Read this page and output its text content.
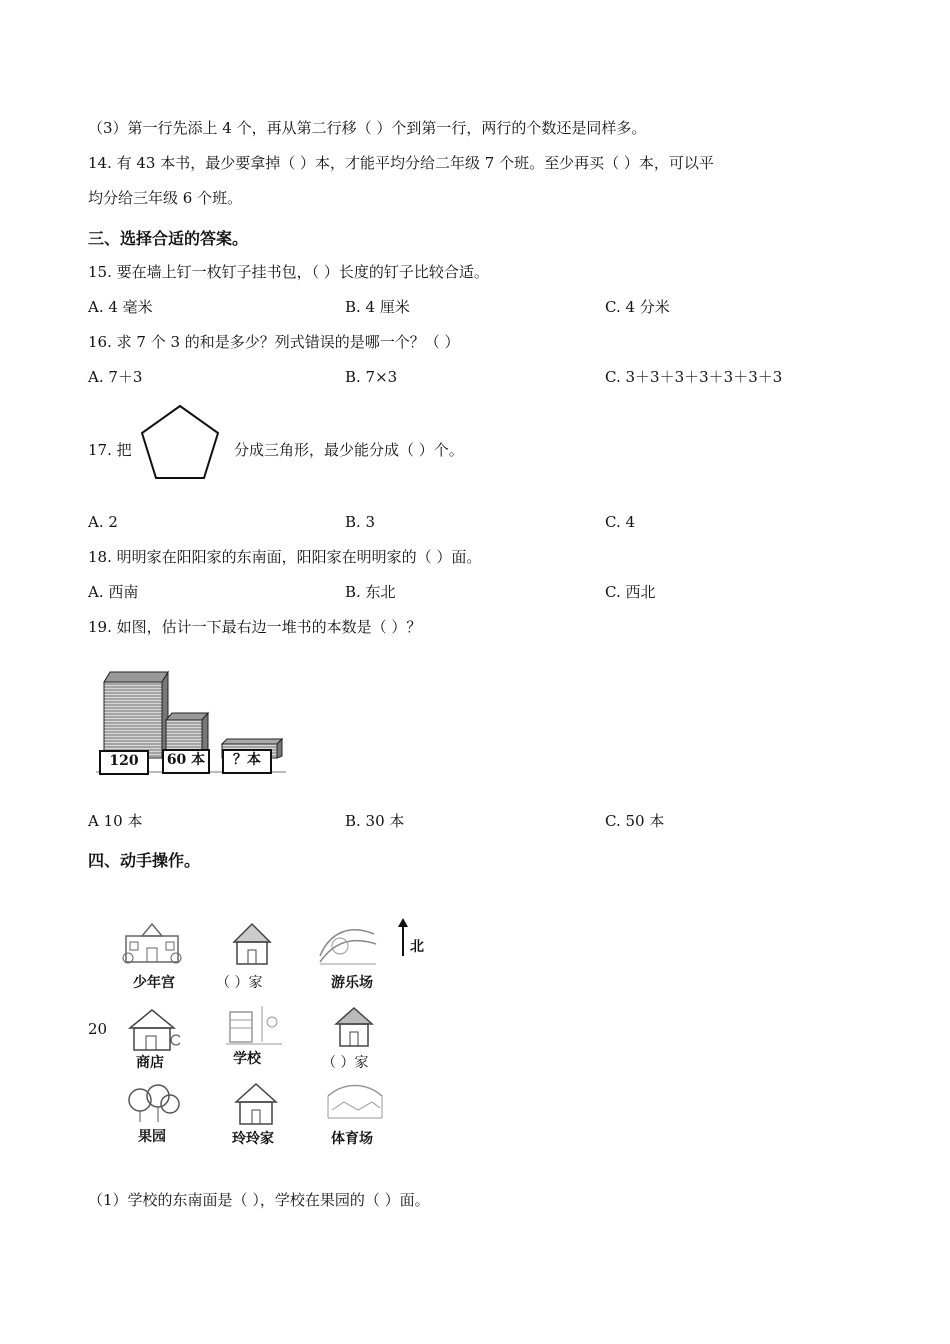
（3）第一行先添上 4 个，再从第二行移（ ）个到第一行，两行的个数还是同样多。
14. 有 43 本书，最少要拿掉（ ）本，才能平均分给二年级 7 个班。至少再买（ ）本，可以平
均分给三年级 6 个班。
三、选择合适的答案。
15. 要在墙上钉一枚钉子挂书包，（ ）长度的钉子比较合适。
A. 4 毫米	B. 4 厘米	C. 4 分米
16. 求 7 个 3 的和是多少？列式错误的是哪一个？（ ）
A. 7＋3	B. 7×3	C. 3＋3＋3＋3＋3＋3＋3
17. 把	分成三角形，最少能分成（ ）个。
A. 2	B. 3	C. 4
18. 明明家在阳阳家的东南面，阳阳家在明明家的（ ）面。
A. 西南	B. 东北	C. 西北
19. 如图，估计一下最右边一堆书的本数是（ ）？
120	60 本	？本
A 10 本	B. 30 本	C. 50 本
四、动手操作。
20
少年宫	（ ）家	游乐场
北
商店	学校	（ ）家
果园	玲玲家	体育场
（1）学校的东南面是（ ），学校在果园的（ ）面。
